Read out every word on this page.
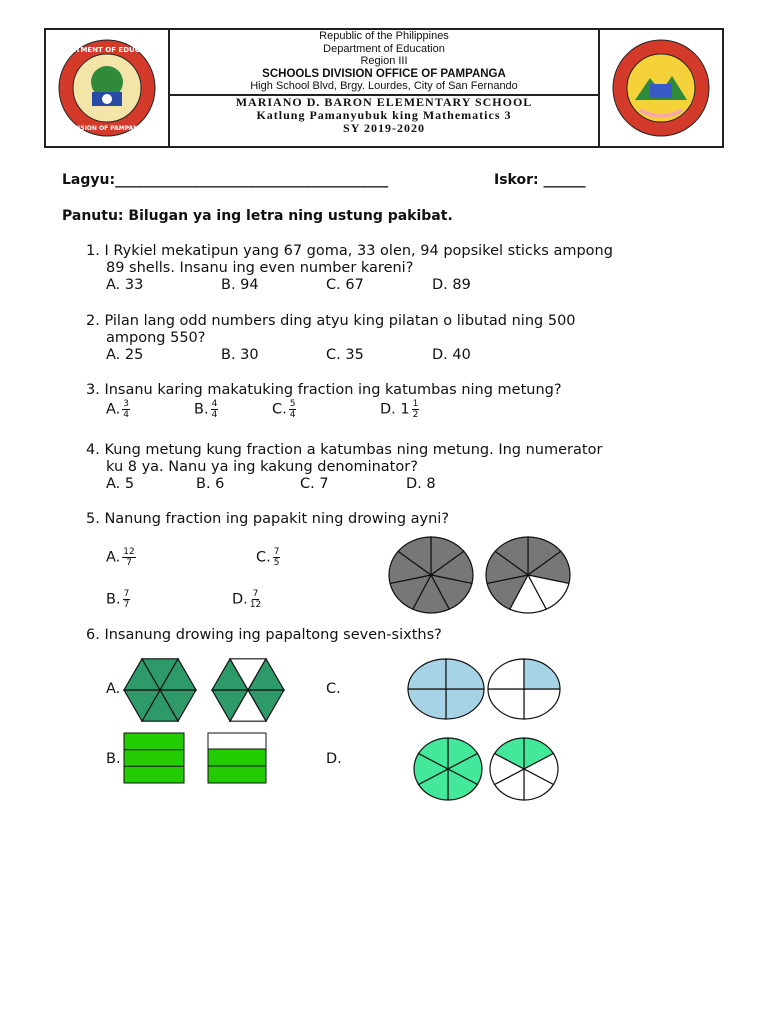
DEPARTMENT OF EDUCATION
DIVISION OF PAMPANGA
Republic of the Philippines
Department of Education
Region III
SCHOOLS DIVISION OFFICE OF PAMPANGA
High School Blvd, Brgy. Lourdes, City of San Fernando
MARIANO D. BARON ELEMENTARY SCHOOL
Katlung Pamanyubuk king Mathematics 3
SY 2019-2020
Lagyu:_______________________________________	Iskor: ______
Panutu: Bilugan ya ing letra ning ustung pakibat.
1. I Rykiel mekatipun yang 67 goma, 33 olen, 94 popsikel sticks ampong
89 shells. Insanu ing even number kareni?
A. 33	B. 94	C. 67	D. 89
2. Pilan lang odd numbers ding atyu king pilatan o libutad ning 500
ampong 550?
A. 25	B. 30	C. 35	D. 40
3. Insanu karing makatuking fraction ing katumbas ning metung?
A. $\frac{3}{4}$	B. $\frac{4}{4}$	C. $\frac{5}{4}$	D. $1 \frac{1}{2}$
4. Kung metung kung fraction a katumbas ning metung. Ing numerator
ku 8 ya. Nanu ya ing kakung denominator?
A. 5	B. 6	C. 7	D. 8
5. Nanung fraction ing papakit ning drowing ayni?
A. $\frac{12}{7}$	C. $\frac{7}{5}$
B. $\frac{7}{7}$	D. $\frac{7}{12}$
6. Insanung drowing ing papaltong seven-sixths?
A.	C.
B.	D.
